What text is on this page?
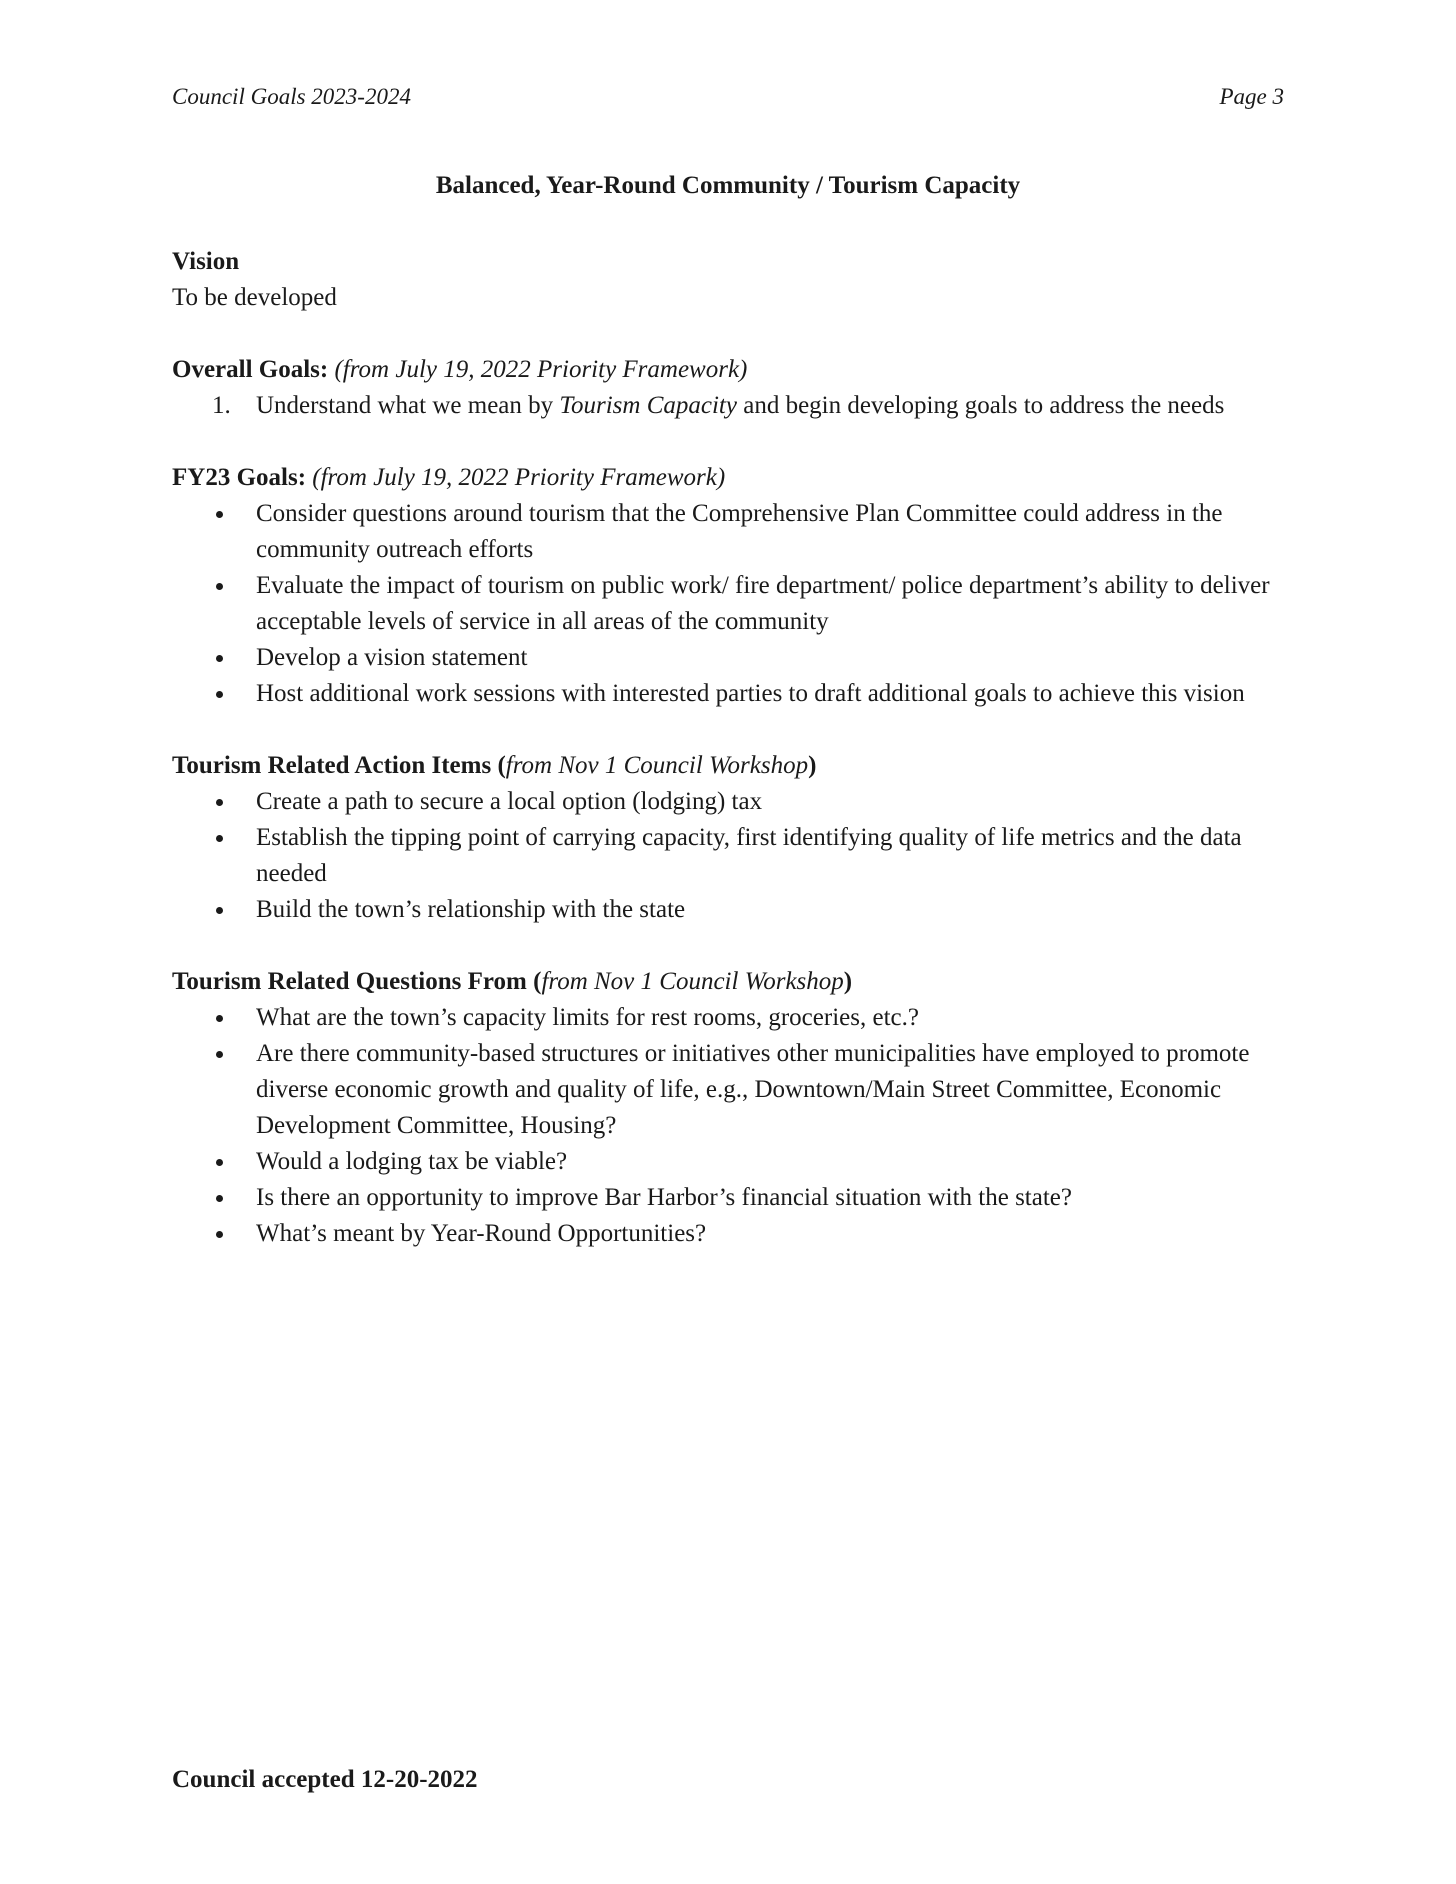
Council Goals 2023-2024	Page 3
Balanced, Year-Round Community / Tourism Capacity
Vision
To be developed
Overall Goals: (from July 19, 2022 Priority Framework)
1.	Understand what we mean by Tourism Capacity and begin developing goals to address the needs
FY23 Goals: (from July 19, 2022 Priority Framework)
Consider questions around tourism that the Comprehensive Plan Committee could address in the community outreach efforts
Evaluate the impact of tourism on public work/ fire department/ police department’s ability to deliver acceptable levels of service in all areas of the community
Develop a vision statement
Host additional work sessions with interested parties to draft additional goals to achieve this vision
Tourism Related Action Items (from Nov 1 Council Workshop)
Create a path to secure a local option (lodging) tax
Establish the tipping point of carrying capacity, first identifying quality of life metrics and the data needed
Build the town’s relationship with the state
Tourism Related Questions From (from Nov 1 Council Workshop)
What are the town’s capacity limits for rest rooms, groceries, etc.?
Are there community-based structures or initiatives other municipalities have employed to promote diverse economic growth and quality of life, e.g., Downtown/Main Street Committee, Economic Development Committee, Housing?
Would a lodging tax be viable?
Is there an opportunity to improve Bar Harbor’s financial situation with the state?
What’s meant by Year-Round Opportunities?
Council accepted 12-20-2022
